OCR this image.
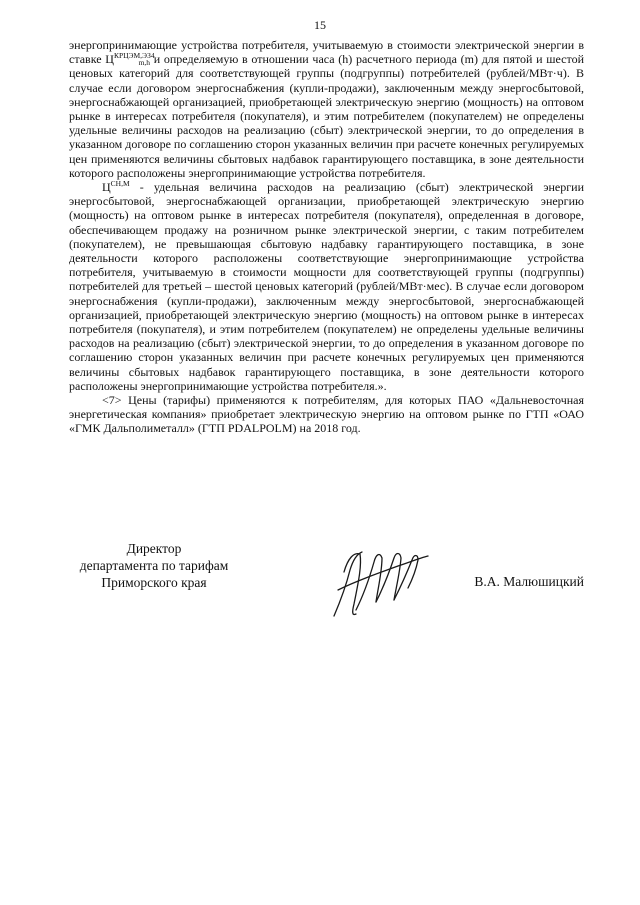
15

энергопринимающие устройства потребителя, учитываемую в стоимости электрической энергии в ставке $Ц^{КРЦЭМ,ЭЗ4}_{m,h}$ и определяемую в отношении часа (h) расчетного периода (m) для пятой и шестой ценовых категорий для соответствующей группы (подгруппы) потребителей (рублей/МВт·ч). В случае если договором энергоснабжения (купли-продажи), заключенным между энергосбытовой, энергоснабжающей организацией, приобретающей электрическую энергию (мощность) на оптовом рынке в интересах потребителя (покупателя), и этим потребителем (покупателем) не определены удельные величины расходов на реализацию (сбыт) электрической энергии, то до определения в указанном договоре по соглашению сторон указанных величин при расчете конечных регулируемых цен применяются величины сбытовых надбавок гарантирующего поставщика, в зоне деятельности которого расположены энергопринимающие устройства потребителя.

$Ц^{СН,М}$ - удельная величина расходов на реализацию (сбыт) электрической энергии энергосбытовой, энергоснабжающей организации, приобретающей электрическую энергию (мощность) на оптовом рынке в интересах потребителя (покупателя), определенная в договоре, обеспечивающем продажу на розничном рынке электрической энергии, с таким потребителем (покупателем), не превышающая сбытовую надбавку гарантирующего поставщика, в зоне деятельности которого расположены соответствующие энергопринимающие устройства потребителя, учитываемую в стоимости мощности для соответствующей группы (подгруппы) потребителей для третьей – шестой ценовых категорий (рублей/МВт·мес). В случае если договором энергоснабжения (купли-продажи), заключенным между энергосбытовой, энергоснабжающей организацией, приобретающей электрическую энергию (мощность) на оптовом рынке в интересах потребителя (покупателя), и этим потребителем (покупателем) не определены удельные величины расходов на реализацию (сбыт) электрической энергии, то до определения в указанном договоре по соглашению сторон указанных величин при расчете конечных регулируемых цен применяются величины сбытовых надбавок гарантирующего поставщика, в зоне деятельности которого расположены энергопринимающие устройства потребителя.».

<7> Цены (тарифы) применяются к потребителям, для которых ПАО «Дальневосточная энергетическая компания» приобретает электрическую энергию на оптовом рынке по ГТП «ОАО «ГМК Дальполиметалл» (ГТП PDALPOLM) на 2018 год.

Директор
департамента по тарифам
Приморского края	В.А. Малюшицкий
